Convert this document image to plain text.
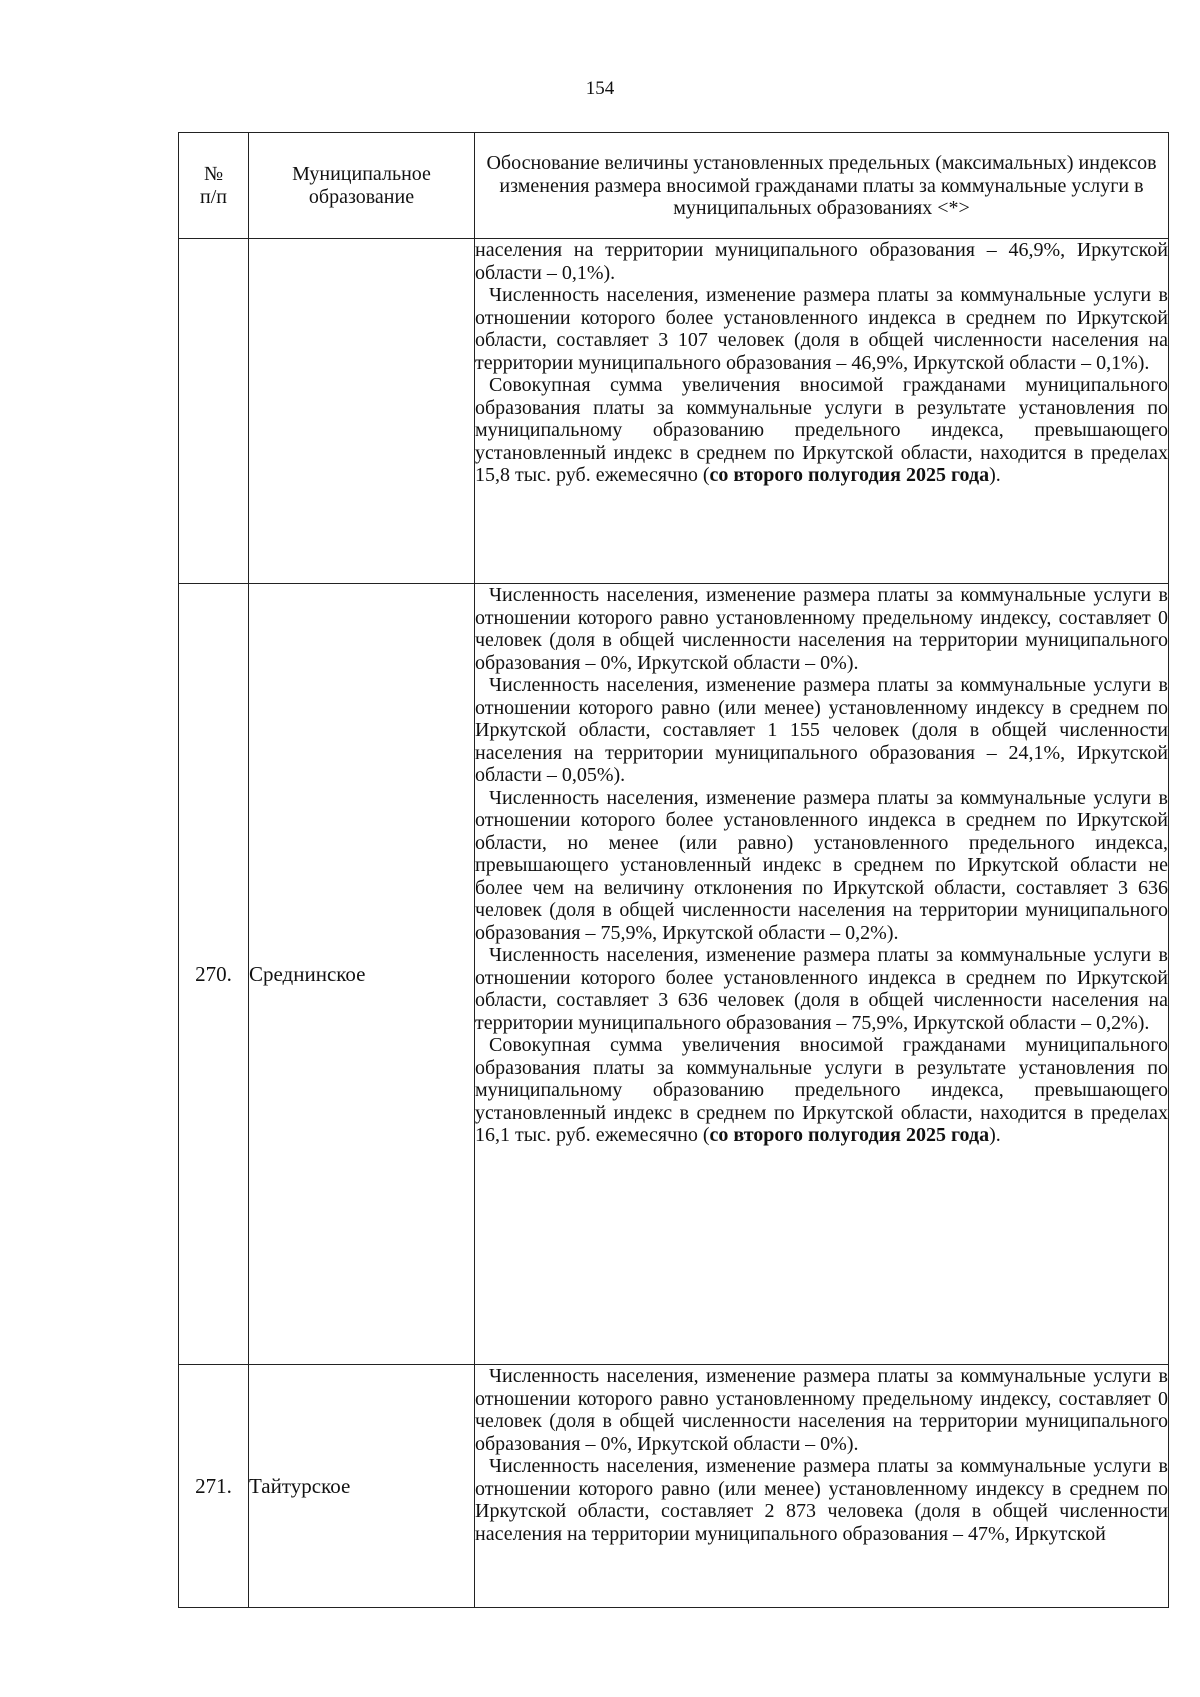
154
№
п/п	Муниципальное образование	Обоснование величины установленных предельных (максимальных) индексов изменения размера вносимой гражданами платы за коммунальные услуги в муниципальных образованиях <*>

		населения на территории муниципального образования – 46,9%, Иркутской области – 0,1%).

Численность населения, изменение размера платы за коммунальные услуги в отношении которого более установленного индекса в среднем по Иркутской области, составляет 3 107 человек (доля в общей численности населения на территории муниципального образования – 46,9%, Иркутской области – 0,1%).

Совокупная сумма увеличения вносимой гражданами муниципального образования платы за коммунальные услуги в результате установления по муниципальному образованию предельного индекса, превышающего установленный индекс в среднем по Иркутской области, находится в пределах 15,8 тыс. руб. ежемесячно (со второго полугодия 2025 года).

270.	Среднинское	Численность населения, изменение размера платы за коммунальные услуги в отношении которого равно установленному предельному индексу, составляет 0 человек (доля в общей численности населения на территории муниципального образования – 0%, Иркутской области – 0%).

Численность населения, изменение размера платы за коммунальные услуги в отношении которого равно (или менее) установленному индексу в среднем по Иркутской области, составляет 1 155 человек (доля в общей численности населения на территории муниципального образования – 24,1%, Иркутской области – 0,05%).

Численность населения, изменение размера платы за коммунальные услуги в отношении которого более установленного индекса в среднем по Иркутской области, но менее (или равно) установленного предельного индекса, превышающего установленный индекс в среднем по Иркутской области не более чем на величину отклонения по Иркутской области, составляет 3 636 человек (доля в общей численности населения на территории муниципального образования – 75,9%, Иркутской области – 0,2%).

Численность населения, изменение размера платы за коммунальные услуги в отношении которого более установленного индекса в среднем по Иркутской области, составляет 3 636 человек (доля в общей численности населения на территории муниципального образования – 75,9%, Иркутской области – 0,2%).

Совокупная сумма увеличения вносимой гражданами муниципального образования платы за коммунальные услуги в результате установления по муниципальному образованию предельного индекса, превышающего установленный индекс в среднем по Иркутской области, находится в пределах 16,1 тыс. руб. ежемесячно (со второго полугодия 2025 года).

271.	Тайтурское	Численность населения, изменение размера платы за коммунальные услуги в отношении которого равно установленному предельному индексу, составляет 0 человек (доля в общей численности населения на территории муниципального образования – 0%, Иркутской области – 0%).

Численность населения, изменение размера платы за коммунальные услуги в отношении которого равно (или менее) установленному индексу в среднем по Иркутской области, составляет 2 873 человека (доля в общей численности населения на территории муниципального образования – 47%, Иркутской
